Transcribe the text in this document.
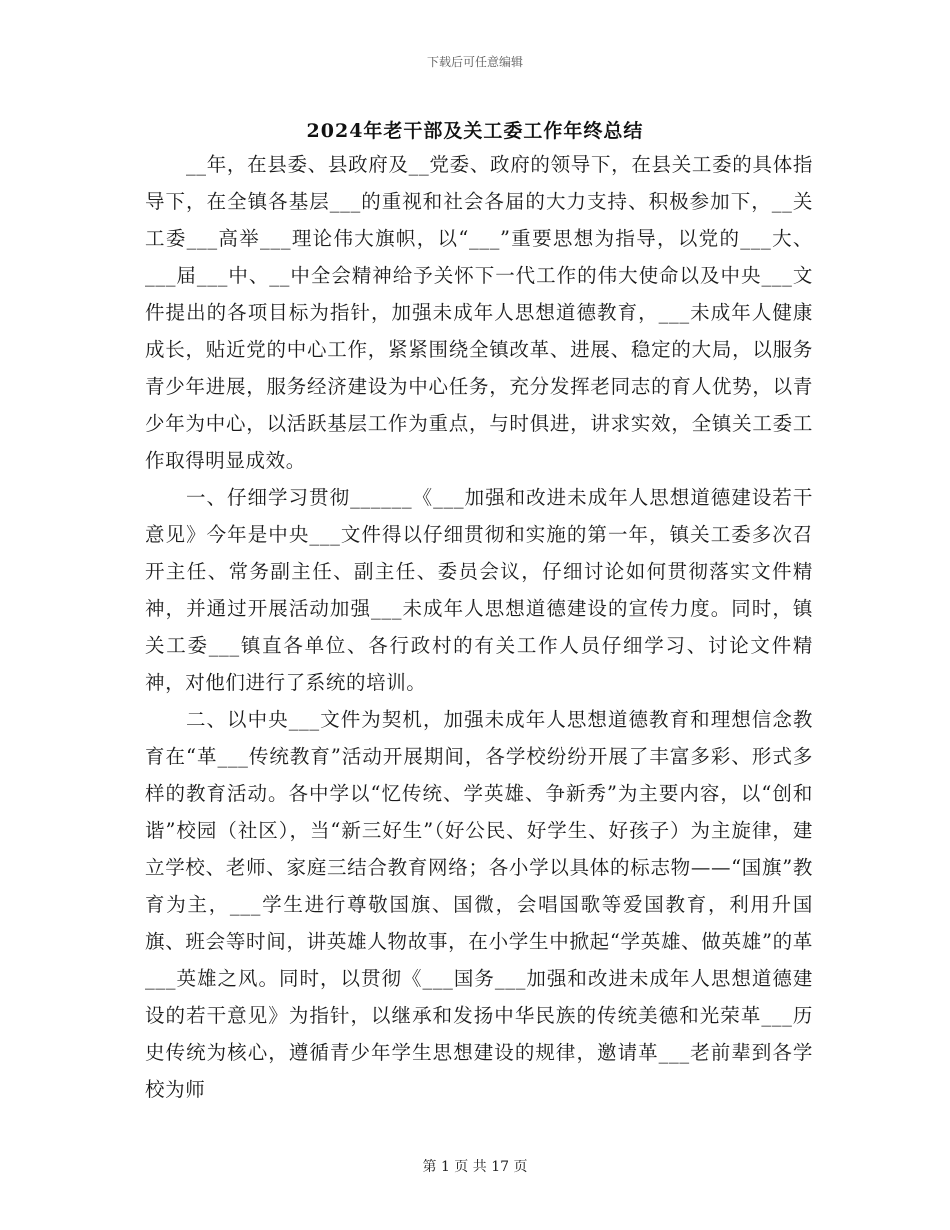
下载后可任意编辑
2024年老干部及关工委工作年终总结

__年，在县委、县政府及__党委、政府的领导下，在县关工委的具体指导下，在全镇各基层___的重视和社会各届的大力支持、积极参加下，__关工委___高举___理论伟大旗帜，以“___”重要思想为指导，以党的___大、___届___中、__中全会精神给予关怀下一代工作的伟大使命以及中央___文件提出的各项目标为指针，加强未成年人思想道德教育，___未成年人健康成长，贴近党的中心工作，紧紧围绕全镇改革、进展、稳定的大局，以服务青少年进展，服务经济建设为中心任务，充分发挥老同志的育人优势，以青少年为中心，以活跃基层工作为重点，与时俱进，讲求实效，全镇关工委工作取得明显成效。

一、仔细学习贯彻______《___加强和改进未成年人思想道德建设若干意见》今年是中央___文件得以仔细贯彻和实施的第一年，镇关工委多次召开主任、常务副主任、副主任、委员会议，仔细讨论如何贯彻落实文件精神，并通过开展活动加强___未成年人思想道德建设的宣传力度。同时，镇关工委___镇直各单位、各行政村的有关工作人员仔细学习、讨论文件精神，对他们进行了系统的培训。

二、以中央___文件为契机，加强未成年人思想道德教育和理想信念教育在“革___传统教育”活动开展期间，各学校纷纷开展了丰富多彩、形式多样的教育活动。各中学以“忆传统、学英雄、争新秀”为主要内容，以“创和谐”校园（社区），当“新三好生”（好公民、好学生、好孩子）为主旋律，建立学校、老师、家庭三结合教育网络；各小学以具体的标志物——“国旗”教育为主，___学生进行尊敬国旗、国微，会唱国歌等爱国教育，利用升国旗、班会等时间，讲英雄人物故事，在小学生中掀起“学英雄、做英雄”的革___英雄之风。同时，以贯彻《___国务___加强和改进未成年人思想道德建设的若干意见》为指针，以继承和发扬中华民族的传统美德和光荣革___历史传统为核心，遵循青少年学生思想建设的规律，邀请革___老前辈到各学校为师

第 1 页 共 17 页
